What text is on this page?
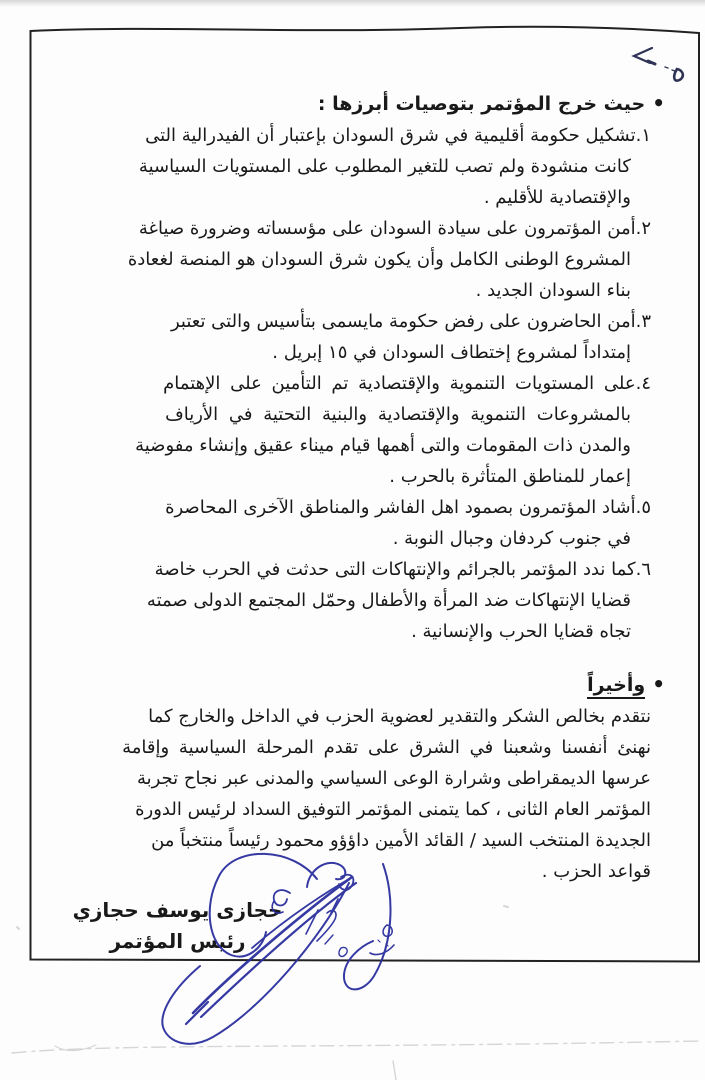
•حيث خرج المؤتمر بتوصيات أبرزها :
١.تشكيل حكومة أقليمية في شرق السودان بإعتبار أن الفيدرالية التى
كانت منشودة ولم تصب للتغير المطلوب على المستويات السياسية
والإقتصادية للأقليم .
٢.أمن المؤتمرون على سيادة السودان على مؤسساته وضرورة صياغة
المشروع الوطنى الكامل وأن يكون شرق السودان هو المنصة لغعادة
بناء السودان الجديد .
٣.أمن الحاضرون على رفض حكومة مايسمى بتأسيس والتى تعتبر
إمتداداً لمشروع إختطاف السودان في ١٥ إبريل .
٤.على المستويات التنموية والإقتصادية تم التأمين على الإهتمام
بالمشروعات التنموية والإقتصادية والبنية التحتية في الأرياف
والمدن ذات المقومات والتى أهمها قيام ميناء عقيق وإنشاء مفوضية
إعمار للمناطق المتأثرة بالحرب .
٥.أشاد المؤتمرون بصمود اهل الفاشر والمناطق الآخرى المحاصرة
في جنوب كردفان وجبال النوبة .
٦.كما ندد المؤتمر بالجرائم والإنتهاكات التى حدثت في الحرب خاصة
قضايا الإنتهاكات ضد المرأة والأطفال وحمّل المجتمع الدولى صمته
تجاه قضايا الحرب والإنسانية .
•وأخيراً
نتقدم بخالص الشكر والتقدير لعضوية الحزب في الداخل والخارج كما
نهنئ أنفسنا وشعبنا في الشرق على تقدم المرحلة السياسية وإقامة
عرسها الديمقراطى وشرارة الوعى السياسي والمدنى عبر نجاح تجربة
المؤتمر العام الثانى ، كما يتمنى المؤتمر التوفيق السداد لرئيس الدورة
الجديدة المنتخب السيد / القائد الأمين داؤؤو محمود رئيساً منتخباً من
قواعد الحزب .
حجازى يوسف حجازي
رئيس المؤتمر
